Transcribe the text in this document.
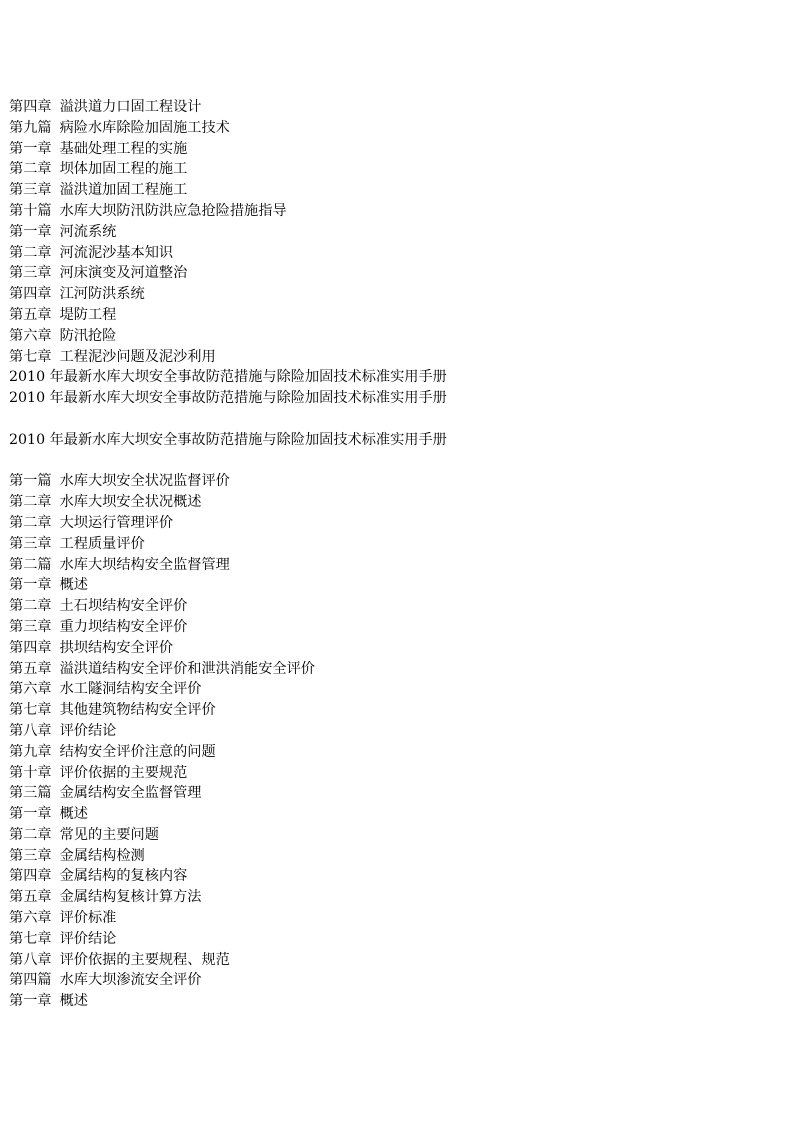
第四章 溢洪道力口固工程设计
第九篇 病险水库除险加固施工技术
第一章 基础处理工程的实施
第二章 坝体加固工程的施工
第三章 溢洪道加固工程施工
第十篇 水库大坝防汛防洪应急抢险措施指导
第一章 河流系统
第二章 河流泥沙基本知识
第三章 河床演变及河道整治
第四章 江河防洪系统
第五章 堤防工程
第六章 防汛抢险
第七章 工程泥沙问题及泥沙利用
2010 年最新水库大坝安全事故防范措施与除险加固技术标准实用手册
2010 年最新水库大坝安全事故防范措施与除险加固技术标准实用手册
2010 年最新水库大坝安全事故防范措施与除险加固技术标准实用手册
第一篇 水库大坝安全状况监督评价
第二章 水库大坝安全状况概述
第二章 大坝运行管理评价
第三章 工程质量评价
第二篇 水库大坝结构安全监督管理
第一章 概述
第二章 土石坝结构安全评价
第三章 重力坝结构安全评价
第四章 拱坝结构安全评价
第五章 溢洪道结构安全评价和泄洪消能安全评价
第六章 水工隧洞结构安全评价
第七章 其他建筑物结构安全评价
第八章 评价结论
第九章 结构安全评价注意的问题
第十章 评价依据的主要规范
第三篇 金属结构安全监督管理
第一章 概述
第二章 常见的主要问题
第三章 金属结构检测
第四章 金属结构的复核内容
第五章 金属结构复核计算方法
第六章 评价标准
第七章 评价结论
第八章 评价依据的主要规程、规范
第四篇 水库大坝渗流安全评价
第一章 概述
